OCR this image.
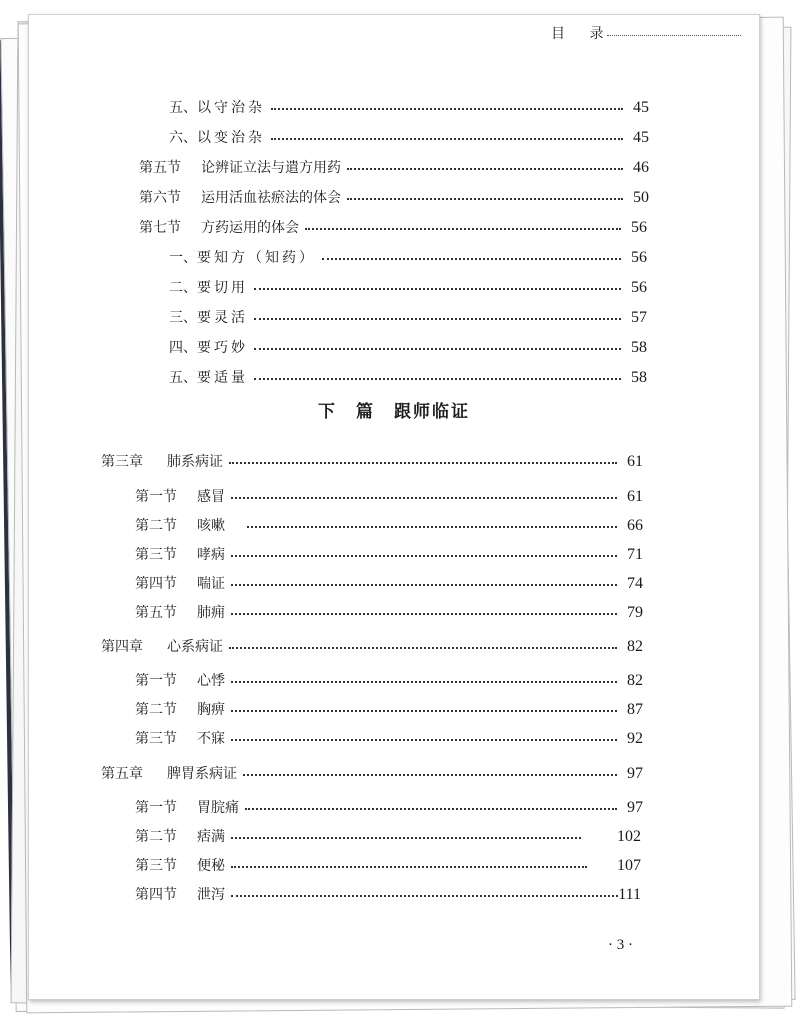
目 录
五、 以守治杂	45
六、 以变治杂	45
第五节	论辨证立法与遣方用药	46
第六节	运用活血祛瘀法的体会	50
第七节	方药运用的体会	56
一、 要知方（知药）	56
二、 要切用	56
三、 要灵活	57
四、 要巧妙	58
五、 要适量	58
下　篇　跟师临证
第三章	肺系病证	61
第一节	感冒	61
第二节	咳嗽	66
第三节	哮病	71
第四节	喘证	74
第五节	肺痈	79
第四章	心系病证	82
第一节	心悸	82
第二节	胸痹	87
第三节	不寐	92
第五章	脾胃系病证	97
第一节	胃脘痛	97
第二节	痞满	102
第三节	便秘	107
第四节	泄泻	111
· 3 ·
